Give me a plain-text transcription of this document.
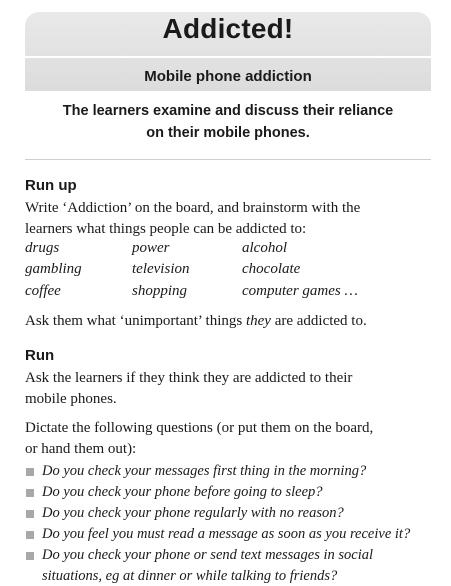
Addicted!
Mobile phone addiction
The learners examine and discuss their reliance
on their mobile phones.
Run up
Write ‘Addiction’ on the board, and brainstorm with the
learners what things people can be addicted to:
drugs	power	alcohol
gambling	television	chocolate
coffee	shopping	computer games …
Ask them what ‘unimportant’ things they are addicted to.
Run
Ask the learners if they think they are addicted to their
mobile phones.
Dictate the following questions (or put them on the board,
or hand them out):
Do you check your messages first thing in the morning?
Do you check your phone before going to sleep?
Do you check your phone regularly with no reason?
Do you feel you must read a message as soon as you receive it?
Do you check your phone or send text messages in social
situations, eg at dinner or while talking to friends?
